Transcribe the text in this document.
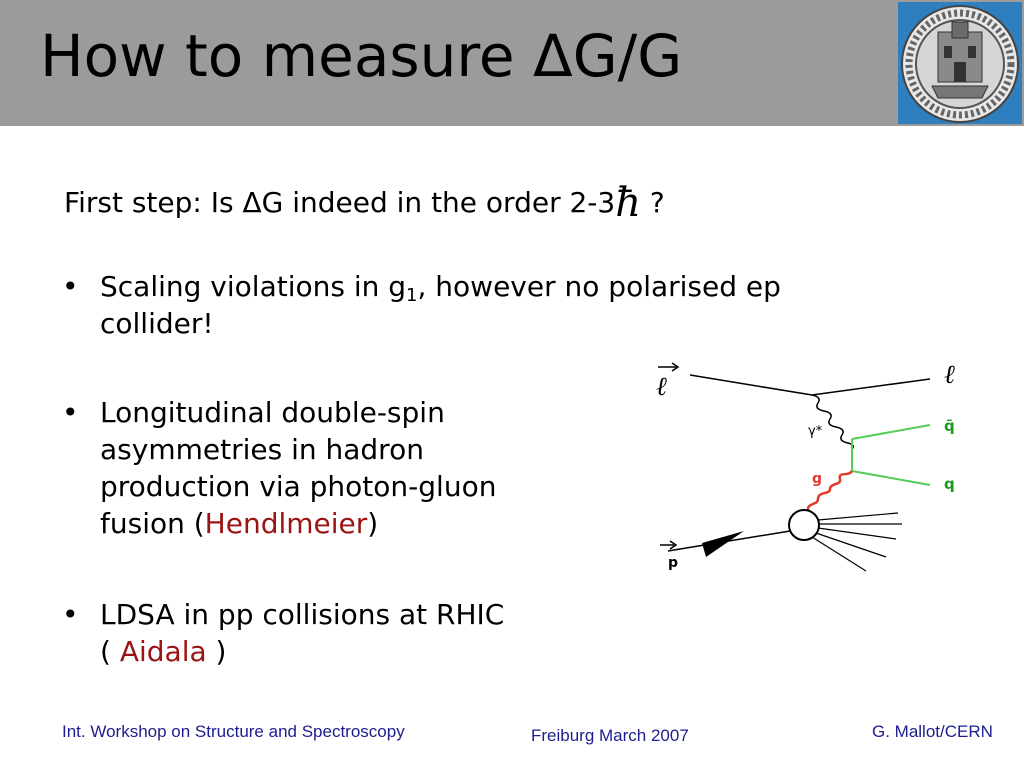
How to measure ΔG/G
First step: Is ΔG indeed in the order 2-3ħ ?
• Scaling violations in $g_1$, however no polarised ep
collider!
• Longitudinal double-spin
asymmetries in hadron
production via photon-gluon
fusion (Hendlmeier)
• LDSA in pp collisions at RHIC
( Aidala )
ℓ	ℓ
γ*	q̄
q
g
p
Int. Workshop on Structure and Spectroscopy	Freiburg March 2007	G. Mallot/CERN
